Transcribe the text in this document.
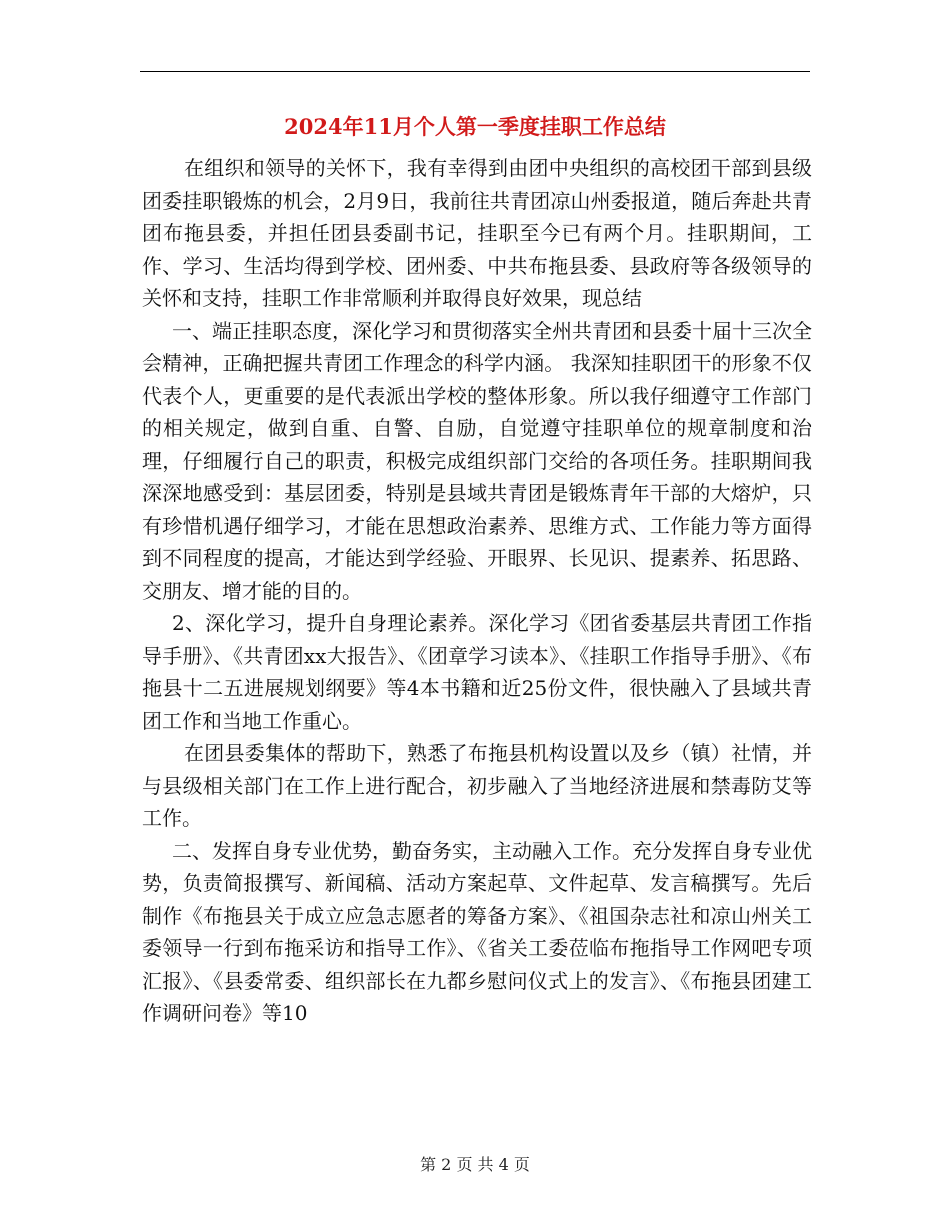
2024年11月个人第一季度挂职工作总结

在组织和领导的关怀下，我有幸得到由团中央组织的高校团干部到县级团委挂职锻炼的机会，2月9日，我前往共青团凉山州委报道，随后奔赴共青团布拖县委，并担任团县委副书记，挂职至今已有两个月。挂职期间，工作、学习、生活均得到学校、团州委、中共布拖县委、县政府等各级领导的关怀和支持，挂职工作非常顺利并取得良好效果，现总结

一、端正挂职态度，深化学习和贯彻落实全州共青团和县委十届十三次全会精神，正确把握共青团工作理念的科学内涵。 我深知挂职团干的形象不仅代表个人，更重要的是代表派出学校的整体形象。所以我仔细遵守工作部门的相关规定，做到自重、自警、自励，自觉遵守挂职单位的规章制度和治理，仔细履行自己的职责，积极完成组织部门交给的各项任务。挂职期间我深深地感受到：基层团委，特别是县域共青团是锻炼青年干部的大熔炉，只有珍惜机遇仔细学习，才能在思想政治素养、思维方式、工作能力等方面得到不同程度的提高，才能达到学经验、开眼界、长见识、提素养、拓思路、交朋友、增才能的目的。

2、深化学习，提升自身理论素养。深化学习《团省委基层共青团工作指导手册》、《共青团xx大报告》、《团章学习读本》、《挂职工作指导手册》、《布拖县十二五进展规划纲要》等4本书籍和近25份文件，很快融入了县域共青团工作和当地工作重心。

在团县委集体的帮助下，熟悉了布拖县机构设置以及乡（镇）社情，并与县级相关部门在工作上进行配合，初步融入了当地经济进展和禁毒防艾等工作。

二、发挥自身专业优势，勤奋务实，主动融入工作。充分发挥自身专业优势，负责简报撰写、新闻稿、活动方案起草、文件起草、发言稿撰写。先后制作《布拖县关于成立应急志愿者的筹备方案》、《祖国杂志社和凉山州关工委领导一行到布拖采访和指导工作》、《省关工委莅临布拖指导工作网吧专项汇报》、《县委常委、组织部长在九都乡慰问仪式上的发言》、《布拖县团建工作调研问卷》等10

第 2 页 共 4 页
